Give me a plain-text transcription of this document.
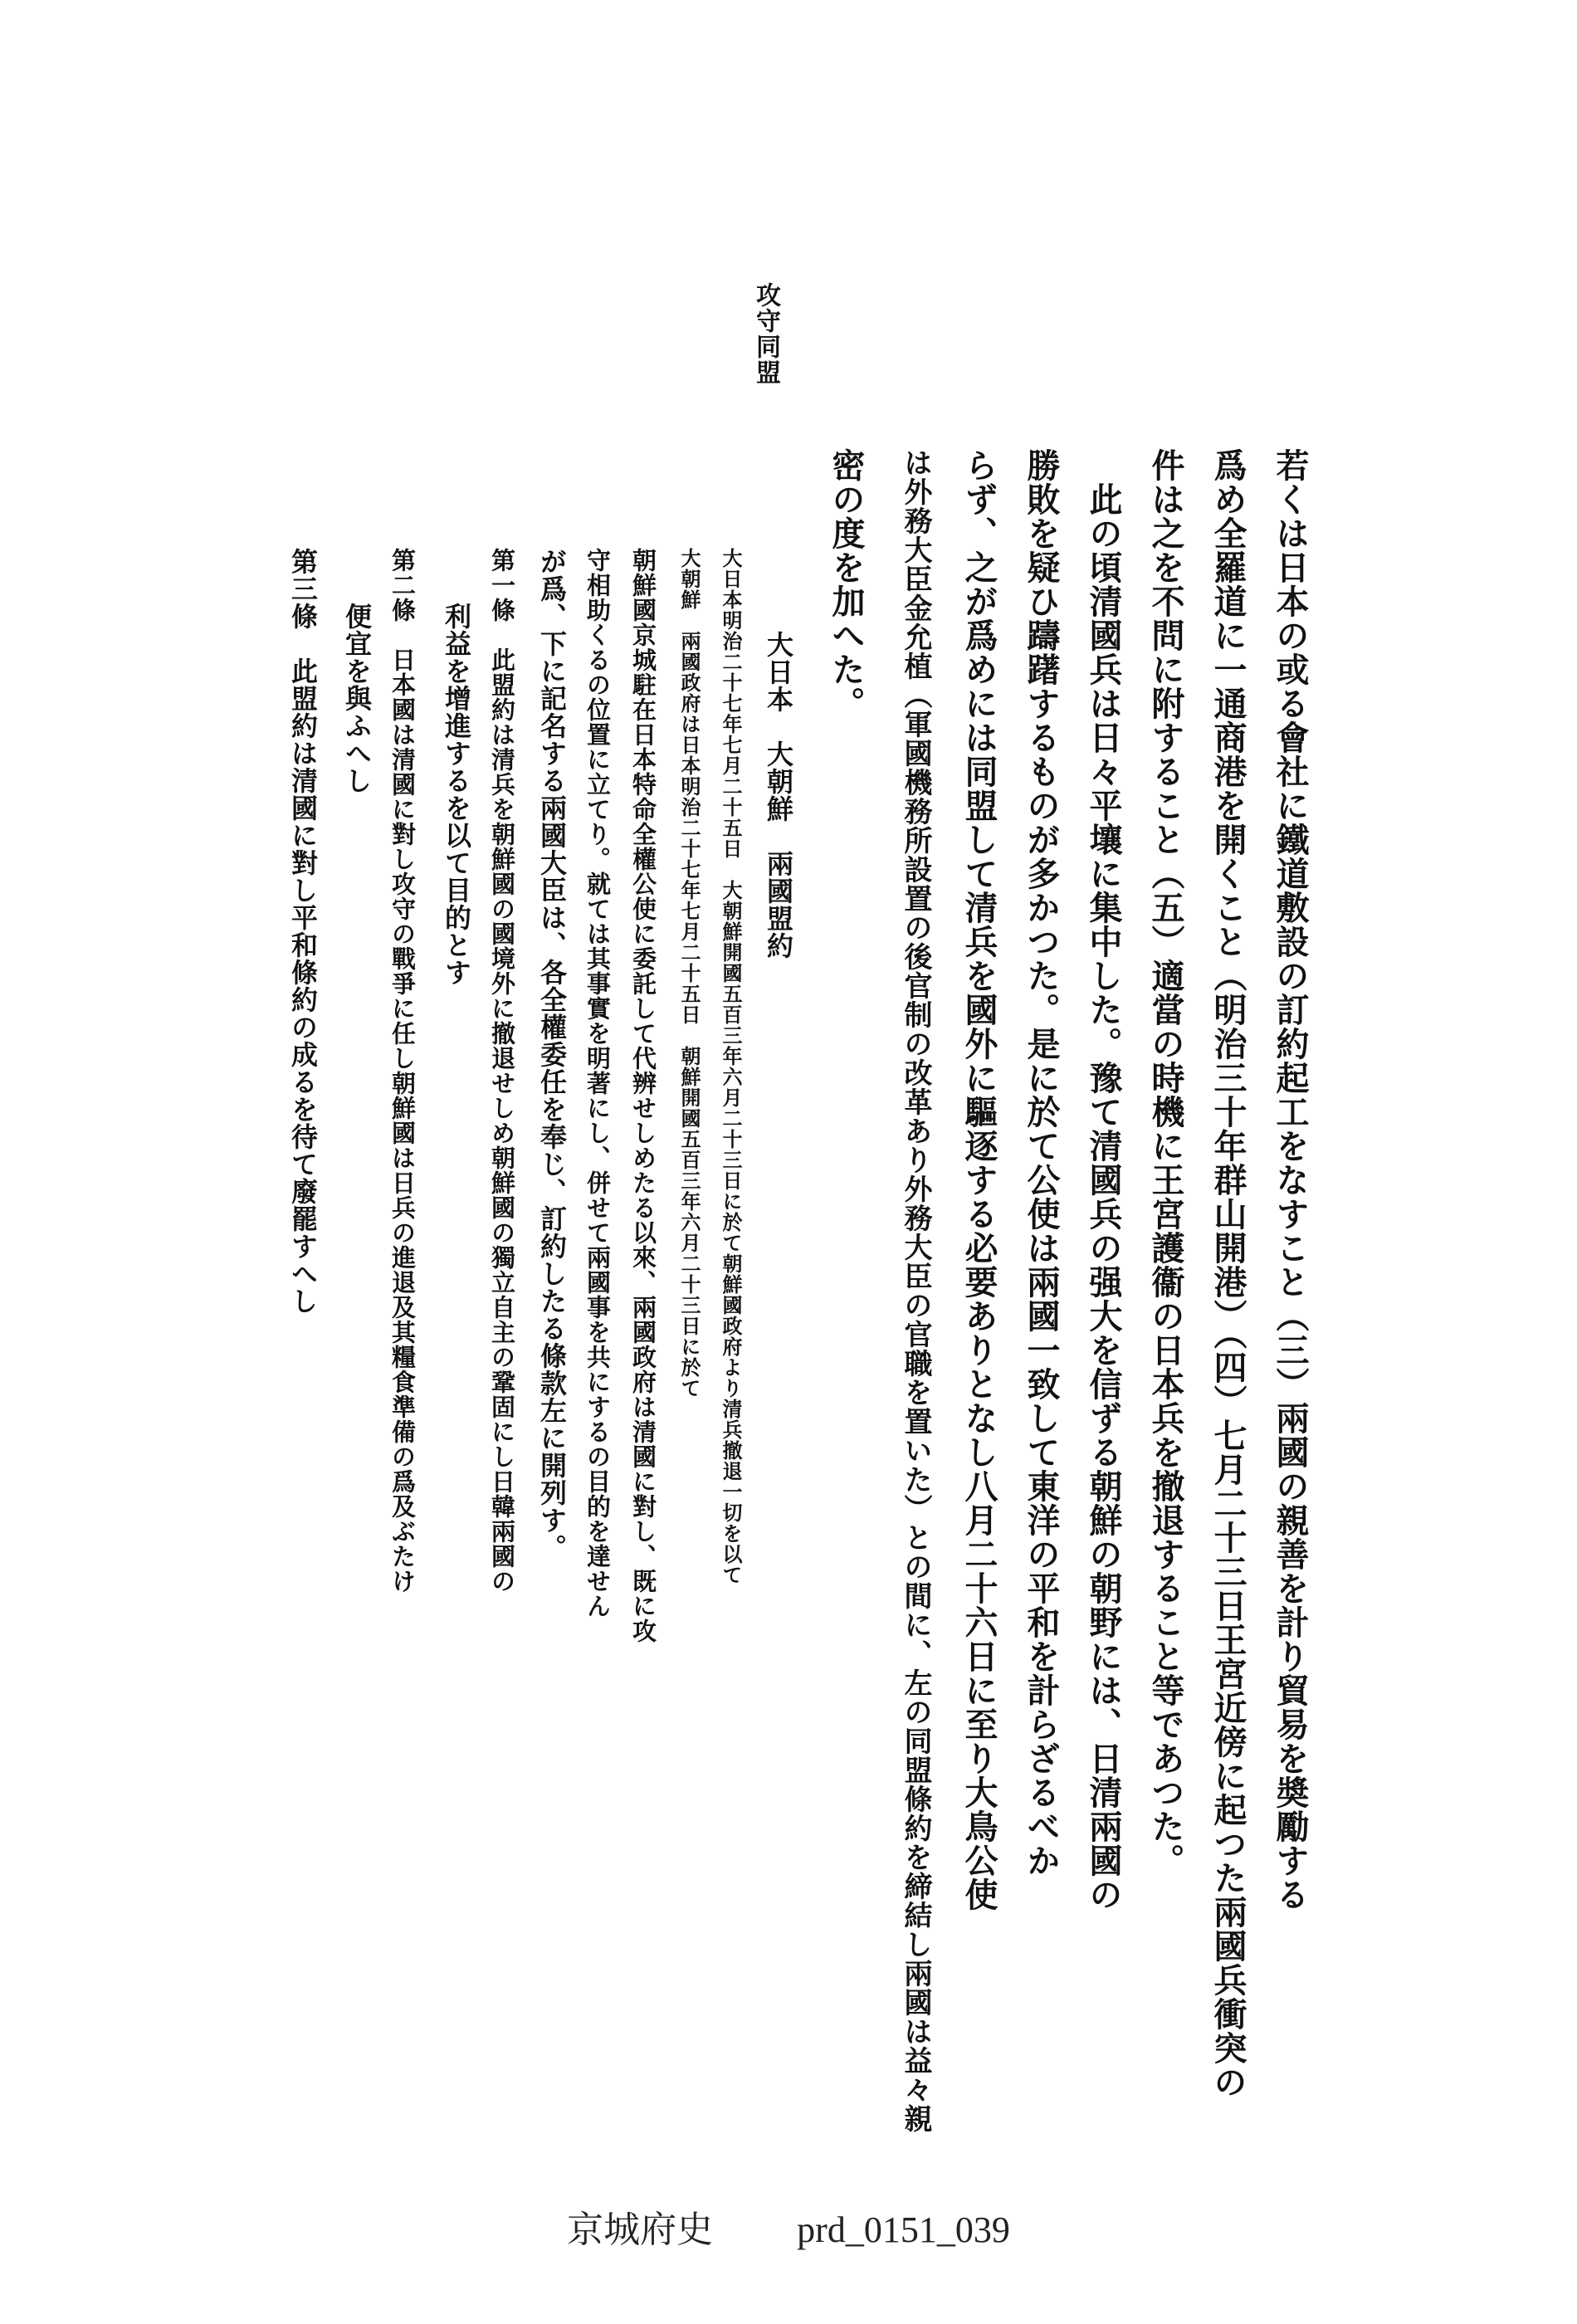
攻守同盟
若くは日本の或る會社に鐵道敷設の訂約起工をなすこと（三）兩國の親善を計り貿易を奬勵する
爲め全羅道に一通商港を開くこと（明治三十年群山開港）（四）七月二十三日王宮近傍に起つた兩國兵衝突の
件は之を不問に附すること（五）適當の時機に王宮護衞の日本兵を撤退すること等であつた。
　此の頃清國兵は日々平壤に集中した。豫て清國兵の强大を信ずる朝鮮の朝野には、日清兩國の
勝敗を疑ひ躊躇するものが多かつた。是に於て公使は兩國一致して東洋の平和を計らざるべか
らず、之が爲めには同盟して清兵を國外に驅逐する必要ありとなし八月二十六日に至り大鳥公使
は外務大臣金允植（軍國機務所設置の後官制の改革あり外務大臣の官職を置いた）との間に、左の同盟條約を締結し兩國は益々親
密の度を加へた。
大日本　大朝鮮　兩國盟約
大日本明治二十七年七月二十五日　大朝鮮開國五百三年六月二十三日に於て朝鮮國政府より清兵撤退一切を以て
大朝鮮　兩國政府は日本明治二十七年七月二十五日　朝鮮開國五百三年六月二十三日に於て
朝鮮國京城駐在日本特命全權公使に委託して代辨せしめたる以來、兩國政府は清國に對し、既に攻
守相助くるの位置に立てり。就ては其事實を明著にし、併せて兩國事を共にするの目的を達せん
が爲、下に記名する兩國大臣は、各全權委任を奉じ、訂約したる條款左に開列す。
第一條　此盟約は清兵を朝鮮國の國境外に撤退せしめ朝鮮國の獨立自主の鞏固にし日韓兩國の
　　利益を增進するを以て目的とす
第二條　日本國は清國に對し攻守の戰爭に任し朝鮮國は日兵の進退及其糧食準備の爲及ぶたけ
　　便宜を與ふへし
第三條　此盟約は清國に對し平和條約の成るを待て廢罷すへし
京城府史 prd_0151_039
